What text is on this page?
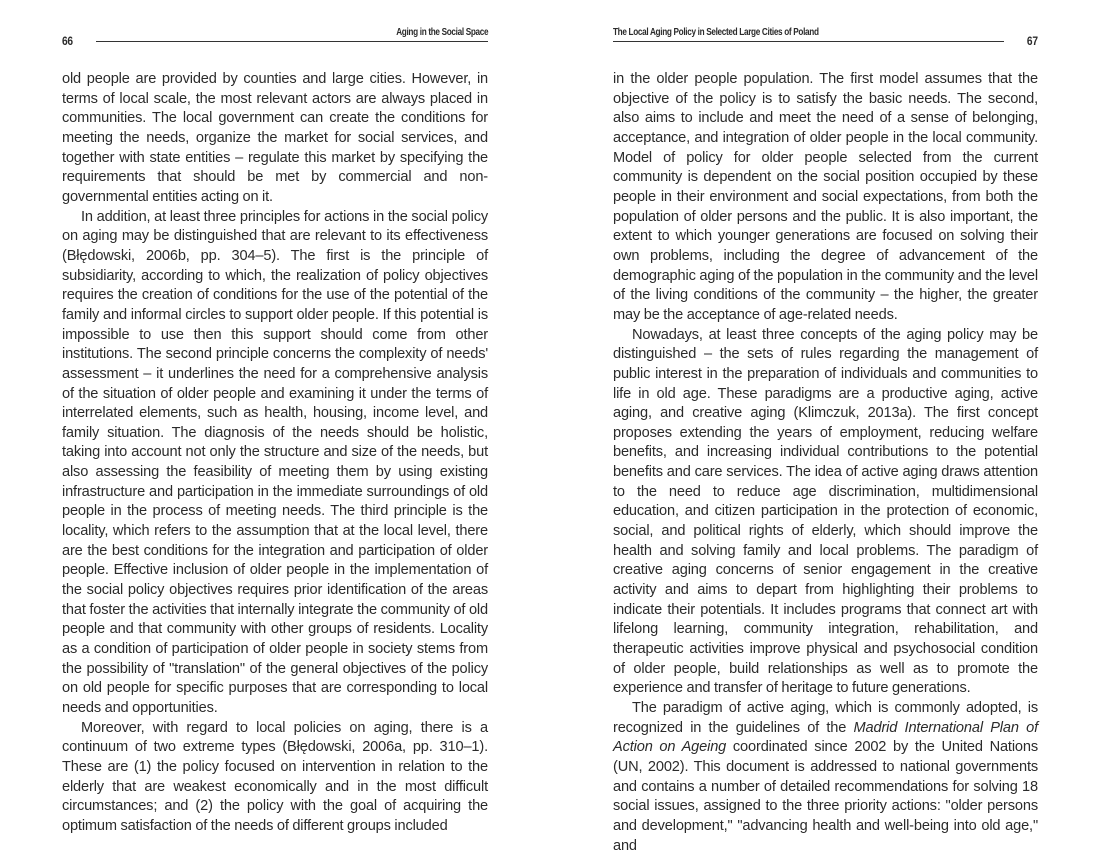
66
Aging in the Social Space

old people are provided by counties and large cities. However, in terms of local scale, the most relevant actors are always placed in communities. The local government can create the conditions for meeting the needs, organize the market for social services, and together with state entities – regulate this market by specifying the requirements that should be met by commercial and non-governmental entities acting on it.

In addition, at least three principles for actions in the social policy on aging may be distinguished that are relevant to its effectiveness (Błędowski, 2006b, pp. 304–5). The first is the principle of subsidiarity, according to which, the realization of policy objectives requires the creation of conditions for the use of the potential of the family and informal circles to support older people. If this potential is impossible to use then this support should come from other institutions. The second principle concerns the complexity of needs' assessment – it underlines the need for a comprehensive analysis of the situation of older people and examining it under the terms of interrelated elements, such as health, housing, income level, and family situation. The diagnosis of the needs should be holistic, taking into account not only the structure and size of the needs, but also assessing the feasibility of meeting them by using existing infrastructure and participation in the immediate surroundings of old people in the process of meeting needs. The third principle is the locality, which refers to the assumption that at the local level, there are the best conditions for the integration and participation of older people. Effective inclusion of older people in the implementation of the social policy objectives requires prior identification of the areas that foster the activities that internally integrate the community of old people and that community with other groups of residents. Locality as a condition of participation of older people in society stems from the possibility of "translation" of the general objectives of the policy on old people for specific purposes that are corresponding to local needs and opportunities.

Moreover, with regard to local policies on aging, there is a continuum of two extreme types (Błędowski, 2006a, pp. 310–1). These are (1) the policy focused on intervention in relation to the elderly that are weakest economically and in the most difficult circumstances; and (2) the policy with the goal of acquiring the optimum satisfaction of the needs of different groups included

The Local Aging Policy in Selected Large Cities of Poland
67

in the older people population. The first model assumes that the objective of the policy is to satisfy the basic needs. The second, also aims to include and meet the need of a sense of belonging, acceptance, and integration of older people in the local community. Model of policy for older people selected from the current community is dependent on the social position occupied by these people in their environment and social expectations, from both the population of older persons and the public. It is also important, the extent to which younger generations are focused on solving their own problems, including the degree of advancement of the demographic aging of the population in the community and the level of the living conditions of the community – the higher, the greater may be the acceptance of age-related needs.

Nowadays, at least three concepts of the aging policy may be distinguished – the sets of rules regarding the management of public interest in the preparation of individuals and communities to life in old age. These paradigms are a productive aging, active aging, and creative aging (Klimczuk, 2013a). The first concept proposes extending the years of employment, reducing welfare benefits, and increasing individual contributions to the potential benefits and care services. The idea of active aging draws attention to the need to reduce age discrimination, multidimensional education, and citizen participation in the protection of economic, social, and political rights of elderly, which should improve the health and solving family and local problems. The paradigm of creative aging concerns of senior engagement in the creative activity and aims to depart from highlighting their problems to indicate their potentials. It includes programs that connect art with lifelong learning, community integration, rehabilitation, and therapeutic activities improve physical and psychosocial condition of older people, build relationships as well as to promote the experience and transfer of heritage to future generations.

The paradigm of active aging, which is commonly adopted, is recognized in the guidelines of the Madrid International Plan of Action on Ageing coordinated since 2002 by the United Nations (UN, 2002). This document is addressed to national governments and contains a number of detailed recommendations for solving 18 social issues, assigned to the three priority actions: "older persons and development," "advancing health and well-being into old age," and
